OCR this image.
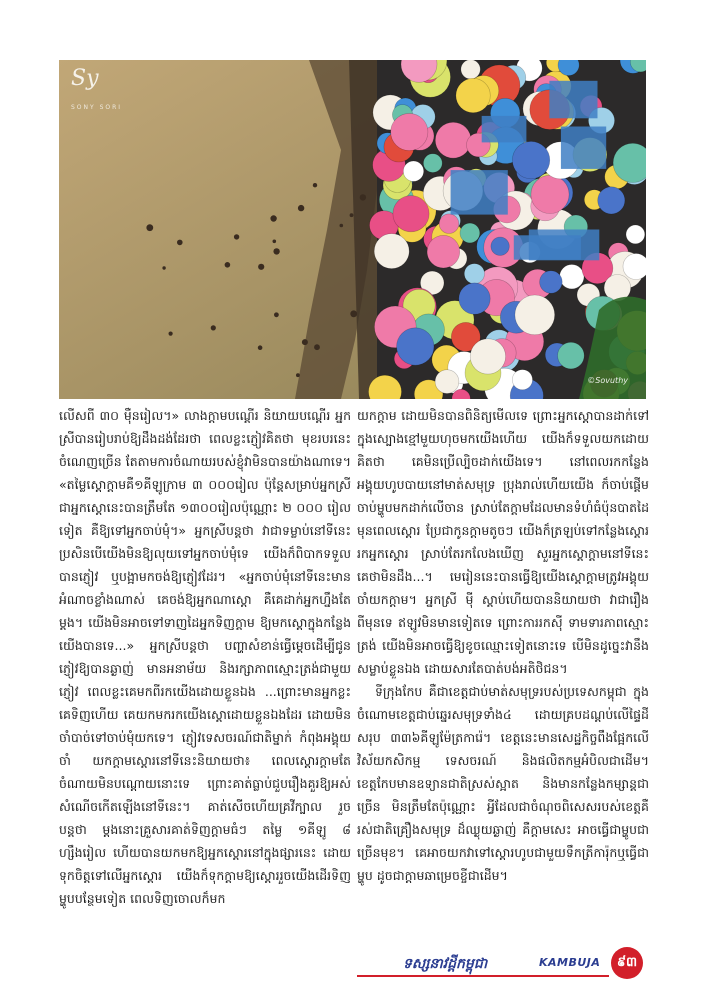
Sy
SONY SORI
©Sovuthy

លើសពី ៣០ ម៉ឺនរៀល។» លាងក្តាមបណ្តើរ និយាយបណ្តើរ អ្នកស្រីបានរៀបរាប់ឱ្យដឹងដង់ដែរថា ពេលខ្លះភ្ញៀវគិតថា មុខរបរនេះចំណេញច្រើន តែតាមការចំណាយរបស់ខ្ញុំវាមិនបានយ៉ាងណាទេ។ «តម្លៃស្ដោក្តាមគឺ១គីឡូក្រាម ៣ ០០០រៀល ប៉ុន្តែសម្រាប់អ្នកស្រីជាអ្នកស្ដោនេះបានត្រឹមតែ ១៣០០រៀលប៉ុណ្ណោះ ២ ០០០ រៀលទៀត គឺឱ្យទៅអ្នកចាប់មុំ។» អ្នកស្រីបន្តថា វាជាទម្លាប់នៅទីនេះ ប្រសិនបើយើងមិនឱ្យលុយទៅអ្នកចាប់មុំទេ យើងក៏ពិបាកទទួលបានភ្ញៀវ ឬបង្អាមកចង់ឱ្យភ្ញៀវដែរ។ «អ្នកចាប់មុំនៅទីនេះមានអំណាចខ្លាំងណាស់ គេចង់ឱ្យអ្នកណាស្ដោ គឺគេដាក់អ្នកហ្នឹងតែម្តង។ យើងមិនអាចទៅទាញដៃអ្នកទិញក្តាម ឱ្យមកស្ដោក្នុងកន្លែងយើងបានទេ...» អ្នកស្រីបន្តថា បញ្ហាសំខាន់ធ្វើម្ដេចដើម្បីជូនភ្ញៀវឱ្យបានឆ្ងាញ់ មានអនាម័យ និងរក្សាភាពស្មោះត្រង់ជាមួយភ្ញៀវ ពេលខ្លះគេមកពីរកយើងដោយខ្លួនឯង ...ព្រោះមានអ្នកខ្លះគេទិញហើយ គេយកមករកយើងស្ដោដោយខ្លួនឯងដែរ ដោយមិនចាំបាច់ទៅចាប់មុំយកទេ។ ភ្ញៀវទេសចរណ៍ជាតិម្នាក់ កំពុងអង្គុយចាំ យកក្តាមស្ដោរនៅទីនេះនិយាយថា៖ ពេលស្ដោរក្តាមតែចំណាយមិនបណ្តោយនោះទេ ព្រោះគាត់ធ្លាប់ជួបរឿងគួរឱ្យអស់សំណើចកើតឡើងនៅទីនេះ។ គាត់សើចហើយគ្រវីក្បាល រួចបន្តថា ម្តងនោះគ្រួសារគាត់ទិញក្តាមធំៗ តម្លៃ ១គីឡូ ៨ ហ្សឹងរៀល ហើយបានយកមកឱ្យអ្នកស្ដោរនៅក្នុងផ្សារនេះ ដោយទុកចិត្តទៅលើអ្នកស្ដោរ យើងក៏ទុកក្តាមឱ្យស្ដោររួចយើងដើរទិញម្ហូបបន្ថែមទៀត ពេលទិញចោលក៏មក

យកក្តាម ដោយមិនបានពិនិត្យមើលទេ ព្រោះអ្នកស្ដោបានដាក់ទៅក្នុងស្បោងខ្មៅមួយហុចមកយើងហើយ យើងក៏ទទួលយកដោយគិតថា គេមិនប្រើល្បិចដាក់យើងទេ។ នៅពេលរកកន្លែងអង្គុយហូបបាយនៅមាត់សមុទ្រ ប្រុងរាល់ហើយយើង ក៏ចាប់ផ្តើមចាប់ម្ហូបមកដាក់លើចាន ស្រាប់តែក្តាមដែលមានទំហំធំប៉ុនបាតដៃមុនពេលស្ដោរ ប្រែជាកូនក្តាមតូចៗ យើងក៏ត្រឡប់ទៅកន្លែងស្ដោរ រកអ្នកស្ដោរ ស្រាប់តែរកលែងឃើញ សួរអ្នកស្ដោក្តាមនៅទីនេះ គេថាមិនដឹង...។ មេរៀននេះបានធ្វើឱ្យយើងស្ដោក្តាមត្រូវអង្គុយចាំយកក្តាម។ អ្នកស្រី ម៉ី ស្តាប់ហើយបាននិយាយថា វាជារឿងពីមុនទេ ឥឡូវមិនមានទៀតទេ ព្រោះការរកស៊ី ទាមទារភាពស្មោះត្រង់ យើងមិនអាចធ្វើឱ្យខូចឈ្មោះទៀតនោះទេ បើមិនដូច្នេះវានឹងសម្លាប់ខ្លួនឯង ដោយសារតែបាត់បង់អតិថិជន។

ទីក្រុងកែប គឺជាខេត្តជាប់មាត់សមុទ្ររបស់ប្រទេសកម្ពុជា ក្នុងចំណោមខេត្តជាប់ឆ្នេរសមុទ្រទាំង៤ ដោយគ្របដណ្តប់លើផ្ទៃដីសរុប ៣៣៦គីឡូម៉ែត្រការ៉េ។ ខេត្តនេះមានសេដ្ឋកិច្ចពឹងផ្អែកលើវិស័យកសិកម្ម ទេសចរណ៍ និងផលិតកម្មអំបិលជាដើម។ ខេត្តកែបមានឧទ្យានជាតិស្រស់ស្អាត និងមានកន្លែងកម្សាន្តជាច្រើន មិនត្រឹមតែប៉ុណ្ណោះ អ្វីដែលជាចំណុចពិសេសរបស់ខេត្តគឺ រស់ជាតិគ្រឿងសមុទ្រ ដ៏ឈ្ងុយឆ្ងាញ់ គឺក្តាមសេះ អាចធ្វើជាម្ហូបជាច្រើនមុខ។ គេអាចយកវាទៅស្ដោរហូបជាមួយទឹកត្រីការ៉ុកឬធ្វើជាម្ហូប ដូចជាក្តាមឆាម្រេចខ្ចីជាដើម។

ទស្សនាវដ្តីកម្ពុជា	KAMBUJA ៩៣
